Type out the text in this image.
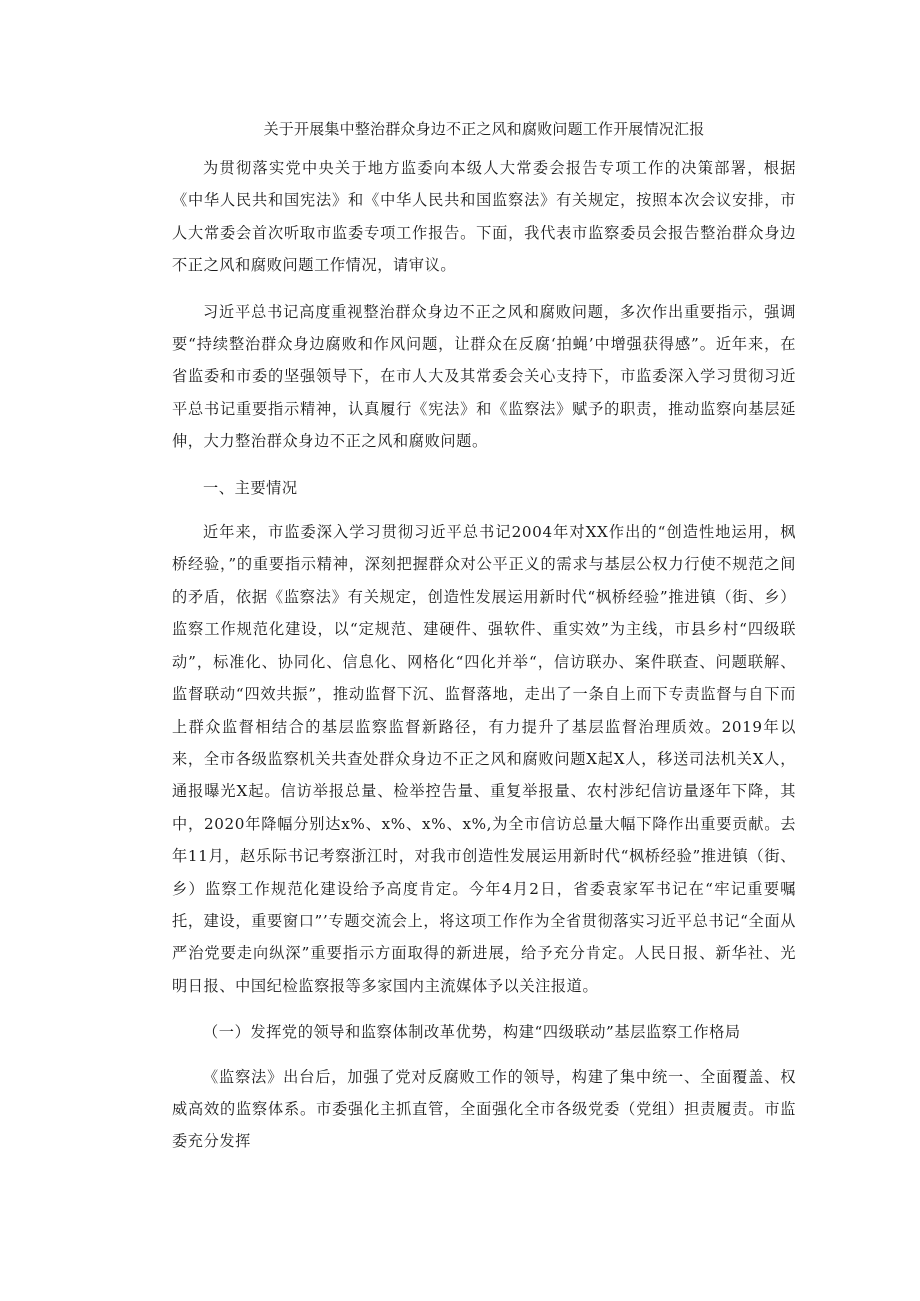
关于开展集中整治群众身边不正之风和腐败问题工作开展情况汇报

为贯彻落实党中央关于地方监委向本级人大常委会报告专项工作的决策部署，根据《中华人民共和国宪法》和《中华人民共和国监察法》有关规定，按照本次会议安排，市人大常委会首次听取市监委专项工作报告。下面，我代表市监察委员会报告整治群众身边不正之风和腐败问题工作情况，请审议。

习近平总书记高度重视整治群众身边不正之风和腐败问题，多次作出重要指示，强调要“持续整治群众身边腐败和作风问题，让群众在反腐‘拍蝇’中增强获得感”。近年来，在省监委和市委的坚强领导下，在市人大及其常委会关心支持下，市监委深入学习贯彻习近平总书记重要指示精神，认真履行《宪法》和《监察法》赋予的职责，推动监察向基层延伸，大力整治群众身边不正之风和腐败问题。

一、主要情况

近年来，市监委深入学习贯彻习近平总书记2004年对XX作出的“创造性地运用，枫桥经验，”的重要指示精神，深刻把握群众对公平正义的需求与基层公权力行使不规范之间的矛盾，依据《监察法》有关规定，创造性发展运用新时代“枫桥经验”推进镇（街、乡）监察工作规范化建设，以“定规范、建硬件、强软件、重实效”为主线，市县乡村“四级联动”，标准化、协同化、信息化、网格化“四化并举“，信访联办、案件联查、问题联解、监督联动“四效共振”，推动监督下沉、监督落地，走出了一条自上而下专责监督与自下而上群众监督相结合的基层监察监督新路径，有力提升了基层监督治理质效。2019年以来，全市各级监察机关共查处群众身边不正之风和腐败问题X起X人，移送司法机关X人，通报曝光X起。信访举报总量、检举控告量、重复举报量、农村涉纪信访量逐年下降，其中，2020年降幅分别达x%、x%、x%、x%,为全市信访总量大幅下降作出重要贡献。去年11月，赵乐际书记考察浙江时，对我市创造性发展运用新时代“枫桥经验”推进镇（街、乡）监察工作规范化建设给予高度肯定。今年4月2日，省委袁家军书记在“牢记重要嘱托，建设，重要窗口”’专题交流会上，将这项工作作为全省贯彻落实习近平总书记“全面从严治党要走向纵深”重要指示方面取得的新进展，给予充分肯定。人民日报、新华社、光明日报、中国纪检监察报等多家国内主流媒体予以关注报道。

（一）发挥党的领导和监察体制改革优势，构建“四级联动”基层监察工作格局

《监察法》出台后，加强了党对反腐败工作的领导，构建了集中统一、全面覆盖、权威高效的监察体系。市委强化主抓直管，全面强化全市各级党委（党组）担责履责。市监委充分发挥
